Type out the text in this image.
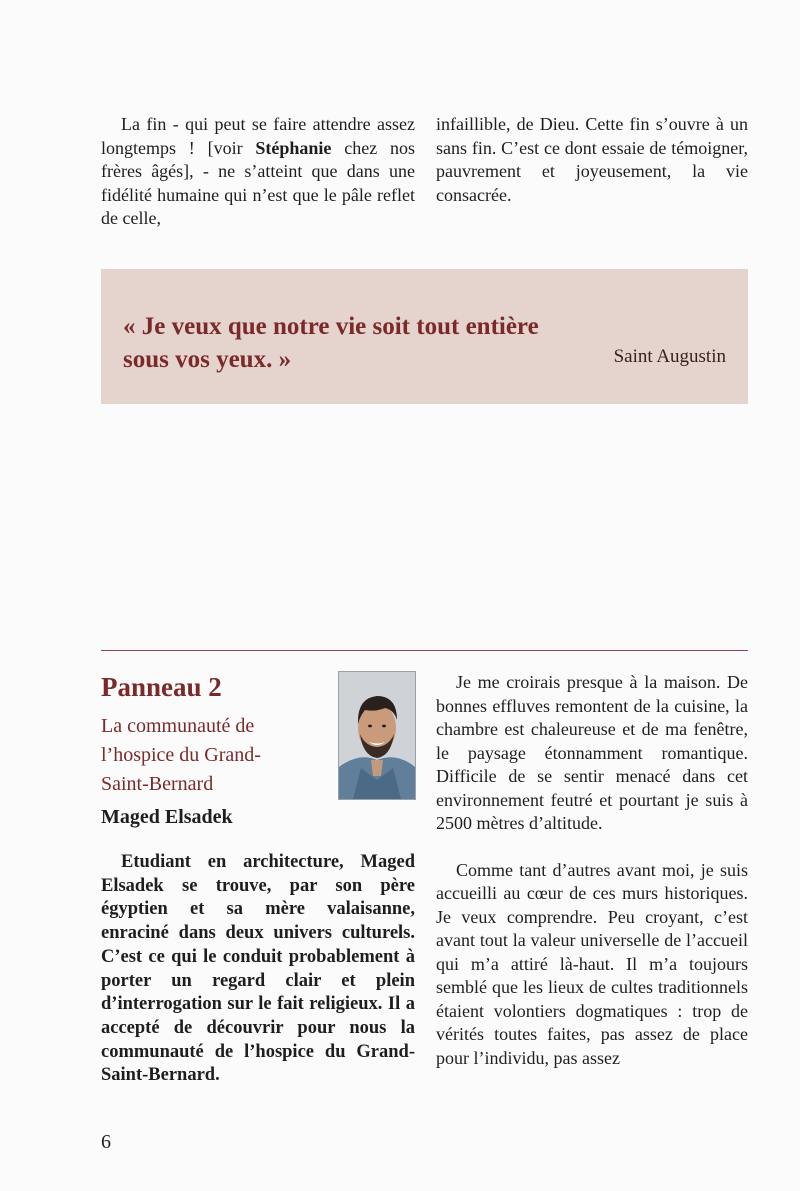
La fin - qui peut se faire attendre assez longtemps ! [voir Stéphanie chez nos frères âgés], - ne s’atteint que dans une fidélité humaine qui n’est que le pâle reflet de celle,

infaillible, de Dieu. Cette fin s’ouvre à un sans fin. C’est ce dont essaie de témoigner, pauvrement et joyeusement, la vie consacrée.

« Je veux que notre vie soit tout entière
sous vos yeux. »	Saint Augustin
Panneau 2
La communauté de
l’hospice du Grand-
Saint-Bernard
Maged Elsadek

Etudiant en architecture, Maged Elsadek se trouve, par son père égyptien et sa mère valaisanne, enraciné dans deux univers culturels. C’est ce qui le conduit probablement à porter un regard clair et plein d’interrogation sur le fait religieux. Il a accepté de découvrir pour nous la communauté de l’hospice du Grand-Saint-Bernard.

Je me croirais presque à la maison. De bonnes effluves remontent de la cuisine, la chambre est chaleureuse et de ma fenêtre, le paysage étonnamment romantique. Difficile de se sentir menacé dans cet environnement feutré et pourtant je suis à 2500 mètres d’altitude.

Comme tant d’autres avant moi, je suis accueilli au cœur de ces murs historiques. Je veux comprendre. Peu croyant, c’est avant tout la valeur universelle de l’accueil qui m’a attiré là-haut. Il m’a toujours semblé que les lieux de cultes traditionnels étaient volontiers dogmatiques : trop de vérités toutes faites, pas assez de place pour l’individu, pas assez

6
